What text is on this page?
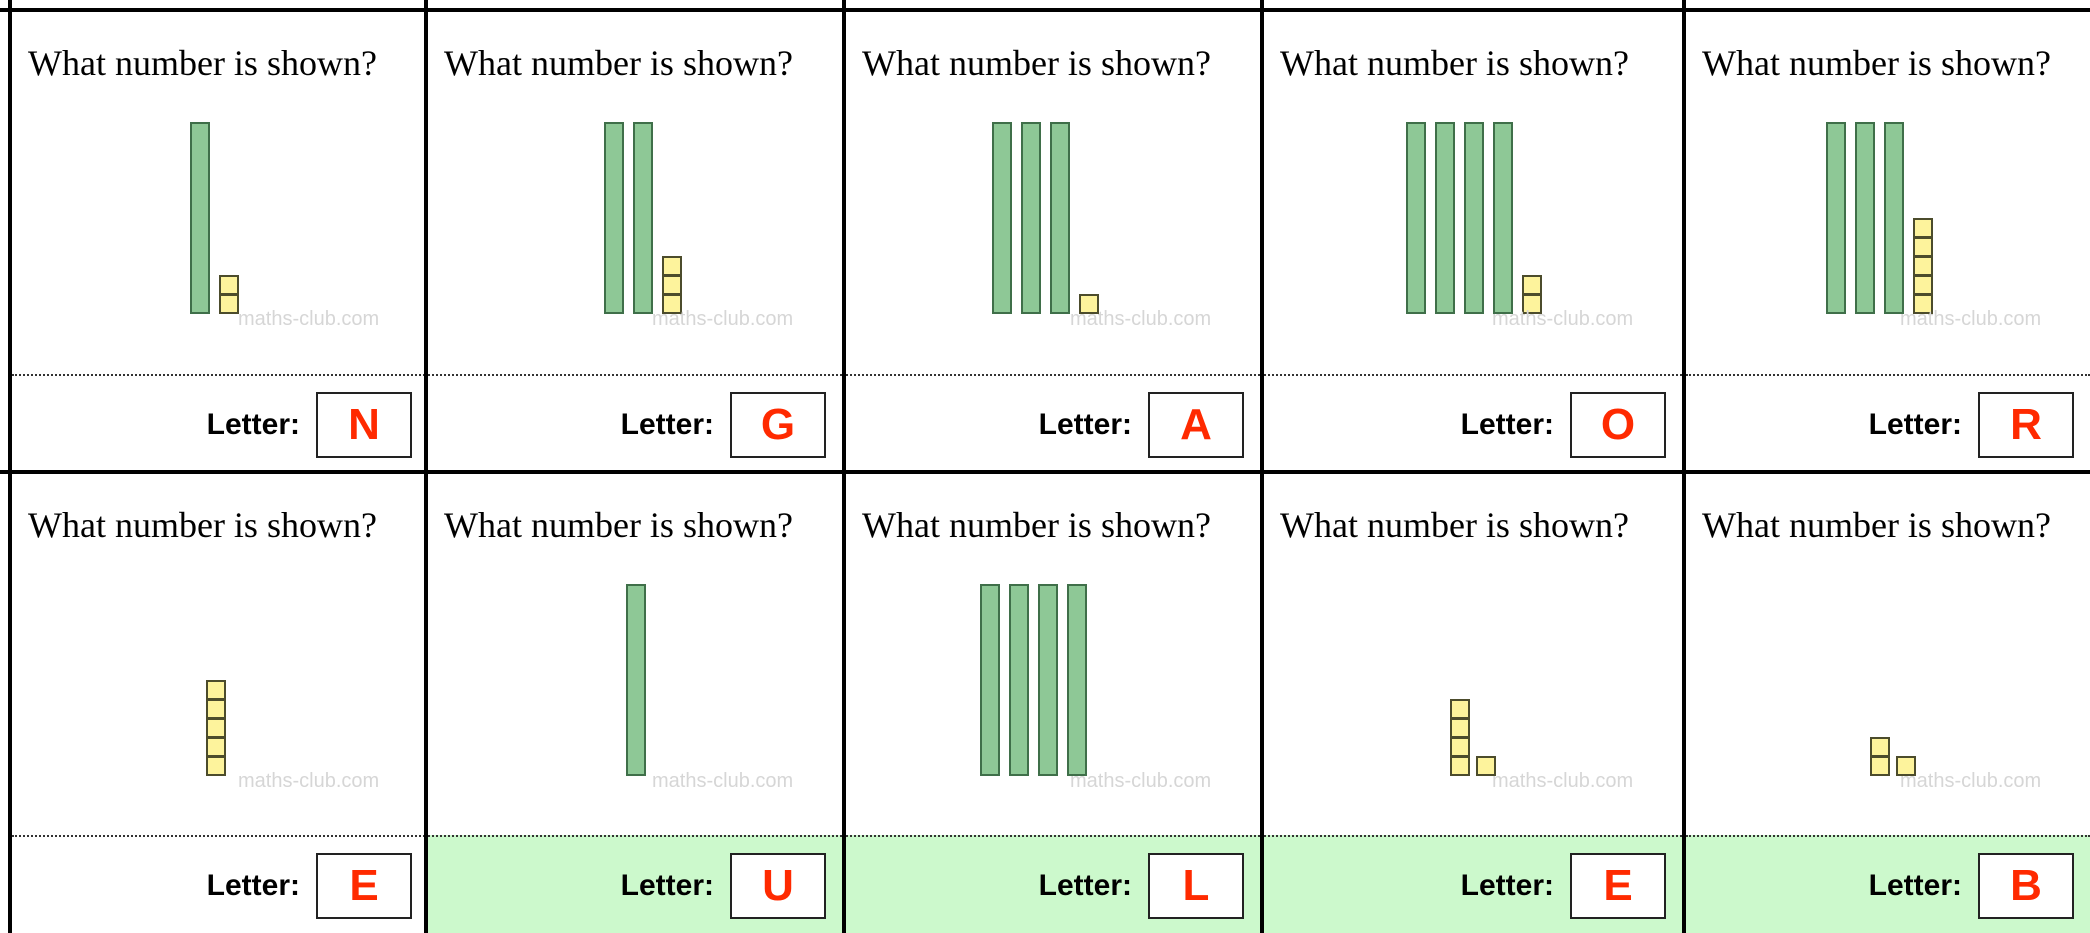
What number is shown?
maths-club.com
Letter:	N
What number is shown?
maths-club.com
Letter:	G
What number is shown?
maths-club.com
Letter:	A
What number is shown?
maths-club.com
Letter:	O
What number is shown?
maths-club.com
Letter:	R
What number is shown?
maths-club.com
Letter:	E
What number is shown?
maths-club.com
Letter:	U
What number is shown?
maths-club.com
Letter:	L
What number is shown?
maths-club.com
Letter:	E
What number is shown?
maths-club.com
Letter:	B
